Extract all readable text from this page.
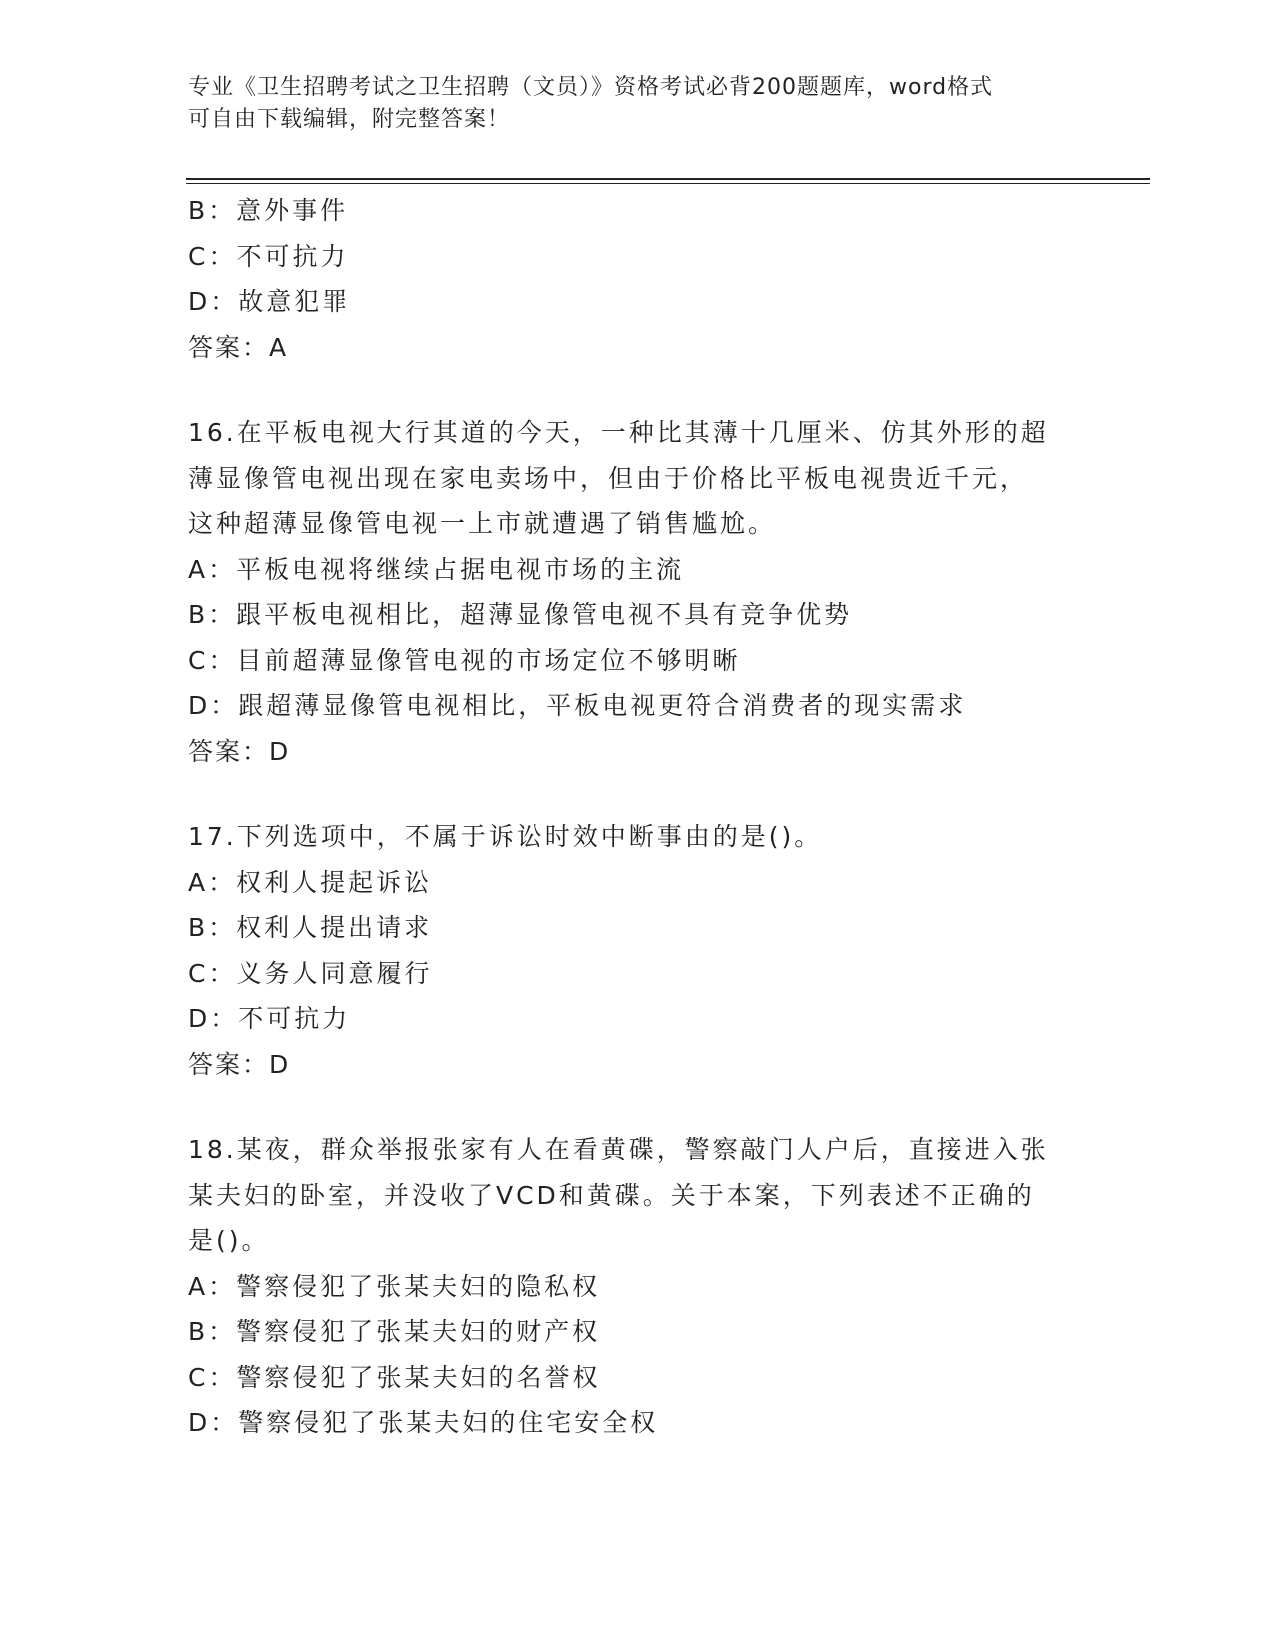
专业《卫生招聘考试之卫生招聘（文员）》资格考试必背200题题库，word格式
可自由下载编辑，附完整答案！
B：意外事件
C：不可抗力
D：故意犯罪
答案：A
16.在平板电视大行其道的今天，一种比其薄十几厘米、仿其外形的超
薄显像管电视出现在家电卖场中，但由于价格比平板电视贵近千元，
这种超薄显像管电视一上市就遭遇了销售尴尬。
A：平板电视将继续占据电视市场的主流
B：跟平板电视相比，超薄显像管电视不具有竞争优势
C：目前超薄显像管电视的市场定位不够明晰
D：跟超薄显像管电视相比，平板电视更符合消费者的现实需求
答案：D
17.下列选项中，不属于诉讼时效中断事由的是()。
A：权利人提起诉讼
B：权利人提出请求
C：义务人同意履行
D：不可抗力
答案：D
18.某夜，群众举报张家有人在看黄碟，警察敲门人户后，直接进入张
某夫妇的卧室，并没收了VCD和黄碟。关于本案，下列表述不正确的
是()。
A：警察侵犯了张某夫妇的隐私权
B：警察侵犯了张某夫妇的财产权
C：警察侵犯了张某夫妇的名誉权
D：警察侵犯了张某夫妇的住宅安全权
